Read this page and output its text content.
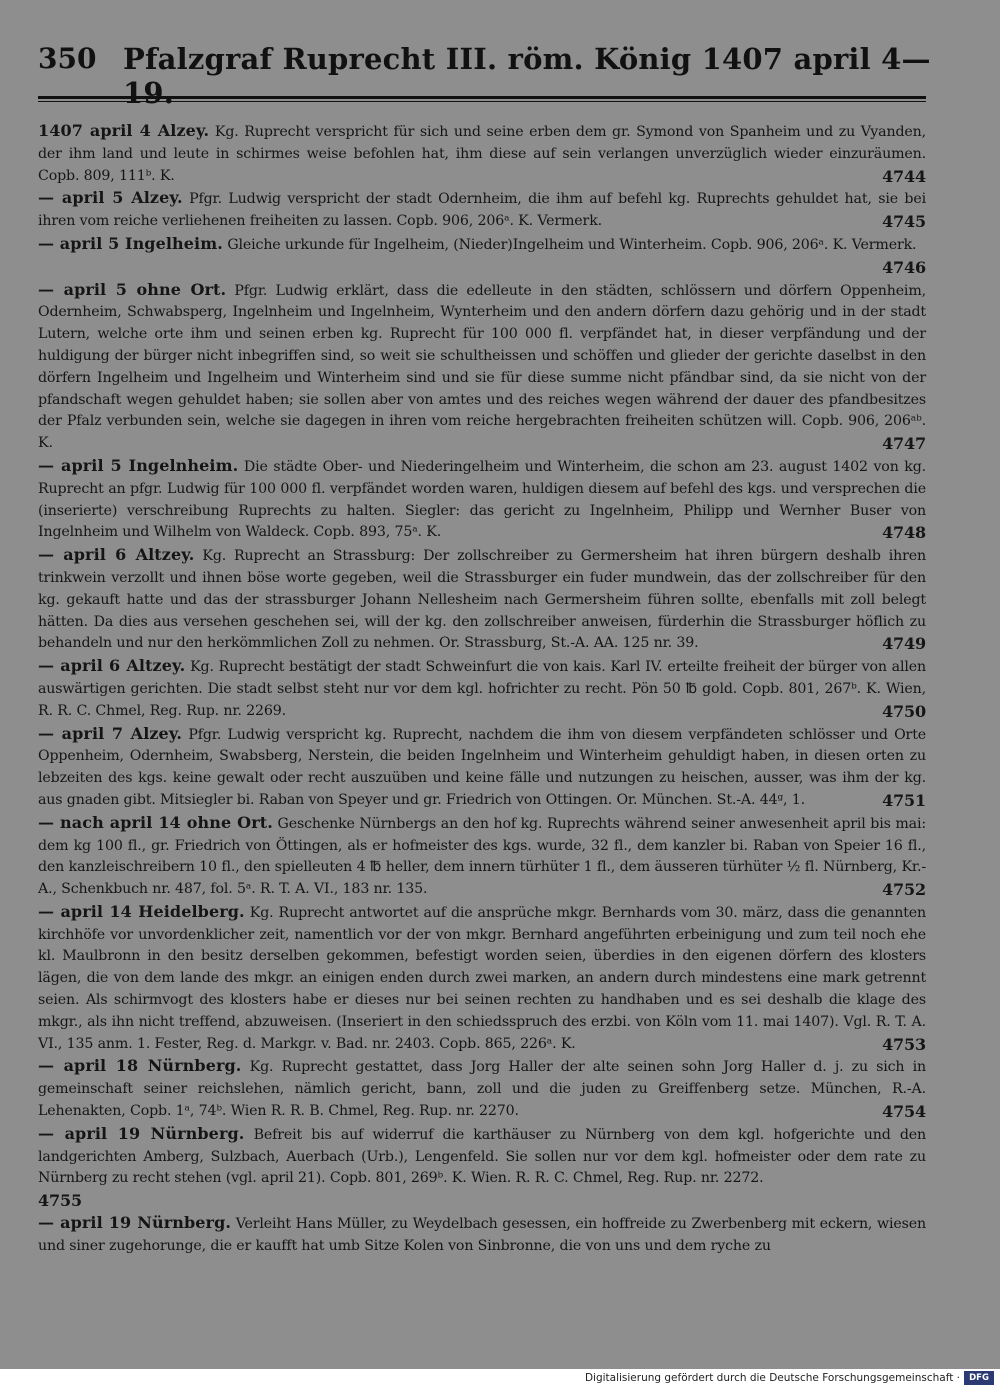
350 Pfalzgraf Ruprecht III. röm. König 1407 april 4—19.
1407 april 4 Alzey. Kg. Ruprecht verspricht für sich und seine erben dem gr. Symond von Spanheim und zu Vyanden, der ihm land und leute in schirmes weise befohlen hat, ihm diese auf sein verlangen unverzüglich wieder einzuräumen. Copb. 809, 111ᵇ. K.	4744
— april 5 Alzey. Pfgr. Ludwig verspricht der stadt Odernheim, die ihm auf befehl kg. Ruprechts gehuldet hat, sie bei ihren vom reiche verliehenen freiheiten zu lassen. Copb. 906, 206ᵃ. K. Vermerk.	4745
— april 5 Ingelheim. Gleiche urkunde für Ingelheim, (Nieder)Ingelheim und Winterheim. Copb. 906, 206ᵃ. K. Vermerk.
4746
— april 5 ohne Ort. Pfgr. Ludwig erklärt, dass die edelleute in den städten, schlössern und dörfern Oppenheim, Odernheim, Schwabsperg, Ingelnheim und Ingelnheim, Wynterheim und den andern dörfern dazu gehörig und in der stadt Lutern, welche orte ihm und seinen erben kg. Ruprecht für 100 000 fl. verpfändet hat, in dieser verpfändung und der huldigung der bürger nicht inbegriffen sind, so weit sie schultheissen und schöffen und glieder der gerichte daselbst in den dörfern Ingelheim und Ingelheim und Winterheim sind und sie für diese summe nicht pfändbar sind, da sie nicht von der pfandschaft wegen gehuldet haben; sie sollen aber von amtes und des reiches wegen während der dauer des pfandbesitzes der Pfalz verbunden sein, welche sie dagegen in ihren vom reiche hergebrachten freiheiten schützen will. Copb. 906, 206ᵃᵇ. K.	4747
— april 5 Ingelnheim. Die städte Ober- und Niederingelheim und Winterheim, die schon am 23. august 1402 von kg. Ruprecht an pfgr. Ludwig für 100 000 fl. verpfändet worden waren, huldigen diesem auf befehl des kgs. und versprechen die (inserierte) verschreibung Ruprechts zu halten. Siegler: das gericht zu Ingelnheim, Philipp und Wernher Buser von Ingelnheim und Wilhelm von Waldeck. Copb. 893, 75ᵃ. K.	4748
— april 6 Altzey. Kg. Ruprecht an Strassburg: Der zollschreiber zu Germersheim hat ihren bürgern deshalb ihren trinkwein verzollt und ihnen böse worte gegeben, weil die Strassburger ein fuder mundwein, das der zollschreiber für den kg. gekauft hatte und das der strassburger Johann Nellesheim nach Germersheim führen sollte, ebenfalls mit zoll belegt hätten. Da dies aus versehen geschehen sei, will der kg. den zollschreiber anweisen, fürderhin die Strassburger höflich zu behandeln und nur den herkömmlichen Zoll zu nehmen. Or. Strassburg, St.-A. AA. 125 nr. 39.	4749
— april 6 Altzey. Kg. Ruprecht bestätigt der stadt Schweinfurt die von kais. Karl IV. erteilte freiheit der bürger von allen auswärtigen gerichten. Die stadt selbst steht nur vor dem kgl. hofrichter zu recht. Pön 50 ℔ gold. Copb. 801, 267ᵇ. K. Wien, R. R. C. Chmel, Reg. Rup. nr. 2269.	4750
— april 7 Alzey. Pfgr. Ludwig verspricht kg. Ruprecht, nachdem die ihm von diesem verpfändeten schlösser und Orte Oppenheim, Odernheim, Swabsberg, Nerstein, die beiden Ingelnheim und Winterheim gehuldigt haben, in diesen orten zu lebzeiten des kgs. keine gewalt oder recht auszuüben und keine fälle und nutzungen zu heischen, ausser, was ihm der kg. aus gnaden gibt. Mitsiegler bi. Raban von Speyer und gr. Friedrich von Ottingen. Or. München. St.-A. 44ᵍ, 1.	4751
— nach april 14 ohne Ort. Geschenke Nürnbergs an den hof kg. Ruprechts während seiner anwesenheit april bis mai: dem kg 100 fl., gr. Friedrich von Öttingen, als er hofmeister des kgs. wurde, 32 fl., dem kanzler bi. Raban von Speier 16 fl., den kanzleischreibern 10 fl., den spielleuten 4 ℔ heller, dem innern türhüter 1 fl., dem äusseren türhüter ½ fl. Nürnberg, Kr.-A., Schenkbuch nr. 487, fol. 5ᵃ. R. T. A. VI., 183 nr. 135.	4752
— april 14 Heidelberg. Kg. Ruprecht antwortet auf die ansprüche mkgr. Bernhards vom 30. märz, dass die genannten kirchhöfe vor unvordenklicher zeit, namentlich vor der von mkgr. Bernhard angeführten erbeinigung und zum teil noch ehe kl. Maulbronn in den besitz derselben gekommen, befestigt worden seien, überdies in den eigenen dörfern des klosters lägen, die von dem lande des mkgr. an einigen enden durch zwei marken, an andern durch mindestens eine mark getrennt seien. Als schirmvogt des klosters habe er dieses nur bei seinen rechten zu handhaben und es sei deshalb die klage des mkgr., als ihn nicht treffend, abzuweisen. (Inseriert in den schiedsspruch des erzbi. von Köln vom 11. mai 1407). Vgl. R. T. A. VI., 135 anm. 1. Fester, Reg. d. Markgr. v. Bad. nr. 2403. Copb. 865, 226ᵃ. K.	4753
— april 18 Nürnberg. Kg. Ruprecht gestattet, dass Jorg Haller der alte seinen sohn Jorg Haller d. j. zu sich in gemeinschaft seiner reichslehen, nämlich gericht, bann, zoll und die juden zu Greiffenberg setze. München, R.-A. Lehenakten, Copb. 1ᵃ, 74ᵇ. Wien R. R. B. Chmel, Reg. Rup. nr. 2270.	4754
— april 19 Nürnberg. Befreit bis auf widerruf die karthäuser zu Nürnberg von dem kgl. hofgerichte und den landgerichten Amberg, Sulzbach, Auerbach (Urb.), Lengenfeld. Sie sollen nur vor dem kgl. hofmeister oder dem rate zu Nürnberg zu recht stehen (vgl. april 21). Copb. 801, 269ᵇ. K. Wien. R. R. C. Chmel, Reg. Rup. nr. 2272.
4755
— april 19 Nürnberg. Verleiht Hans Müller, zu Weydelbach gesessen, ein hoffreide zu Zwerbenberg mit eckern, wiesen und siner zugehorunge, die er kaufft hat umb Sitze Kolen von Sinbronne, die von uns und dem ryche zu
Digitalisierung gefördert durch die Deutsche Forschungsgemeinschaft ·	DFG
